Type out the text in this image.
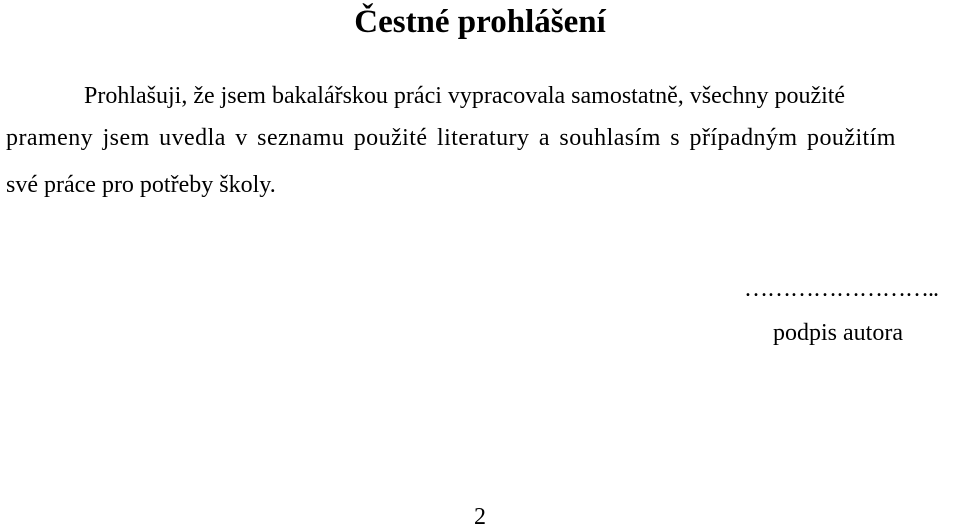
Čestné prohlášení
Prohlašuji, že jsem bakalářskou práci vypracovala samostatně, všechny použité
prameny jsem uvedla v seznamu použité literatury a souhlasím s případným použitím
své práce pro potřeby školy.
……………………..
podpis autora
2
